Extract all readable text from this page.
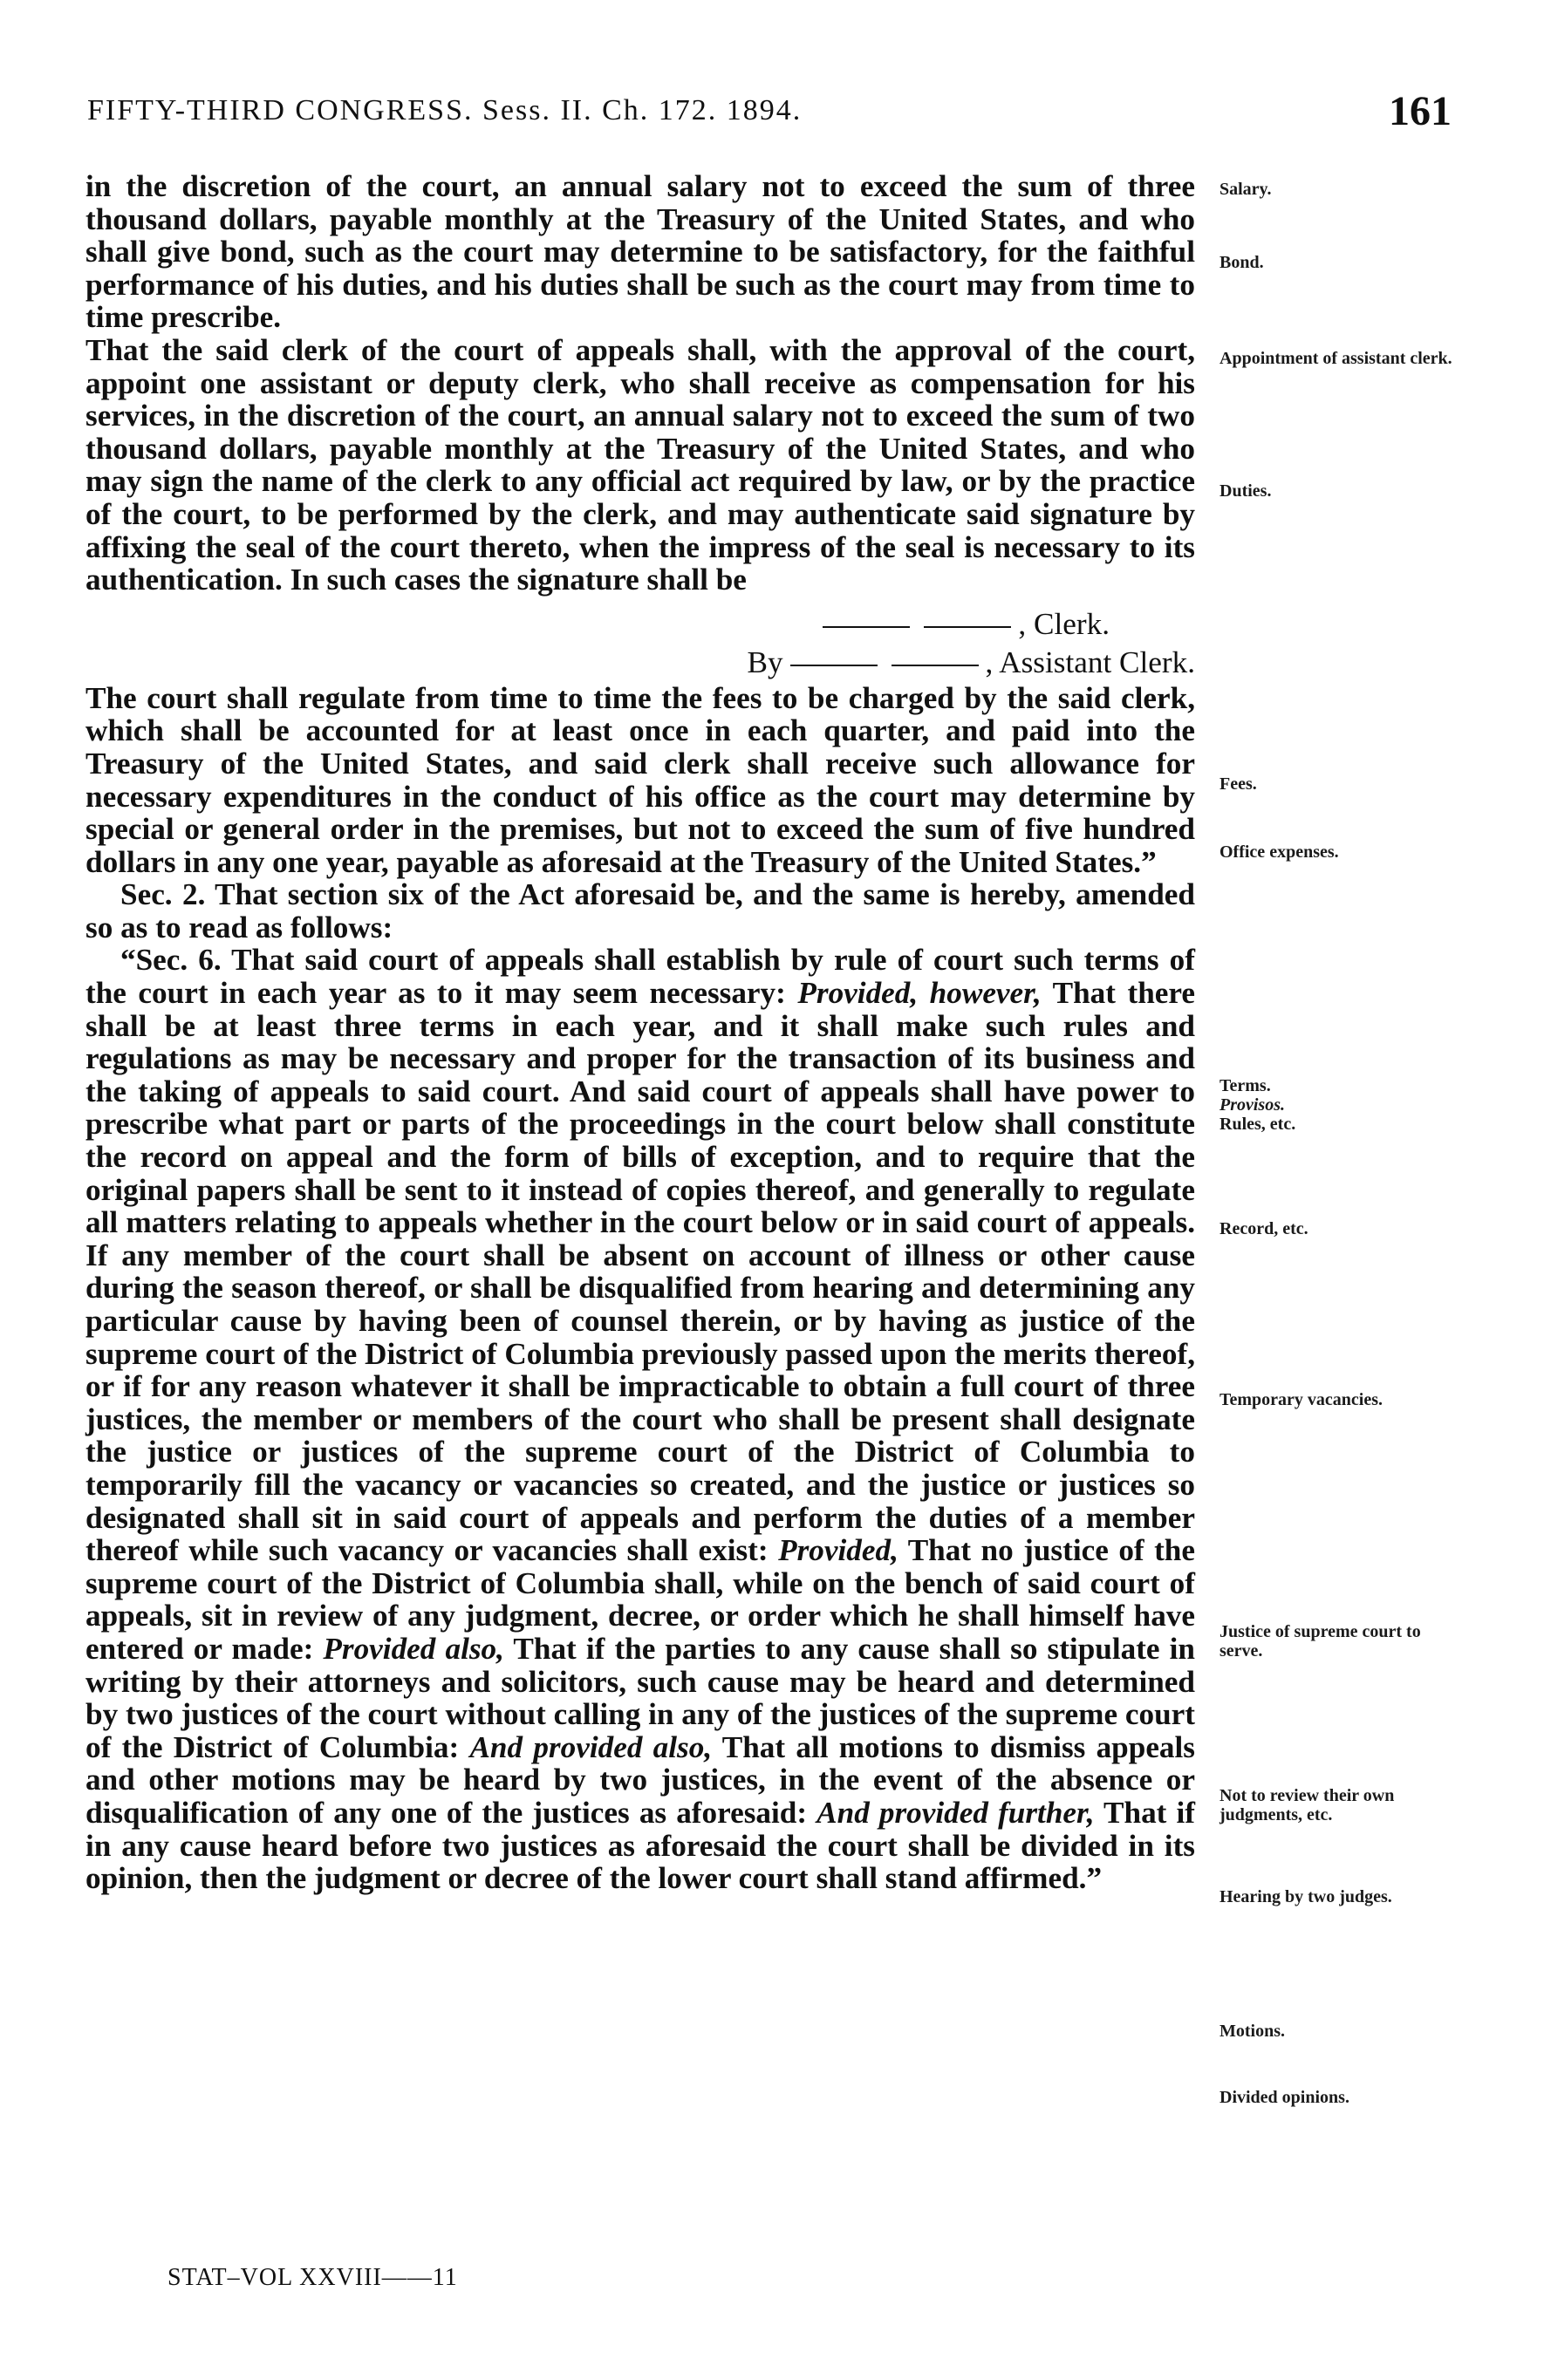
FIFTY-THIRD CONGRESS. Sess. II. Ch. 172. 1894.	161

in the discretion of the court, an annual salary not to exceed the sum of three thousand dollars, payable monthly at the Treasury of the United States, and who shall give bond, such as the court may determine to be satisfactory, for the faithful performance of his duties, and his duties shall be such as the court may from time to time prescribe.

That the said clerk of the court of appeals shall, with the approval of the court, appoint one assistant or deputy clerk, who shall receive as compensation for his services, in the discretion of the court, an annual salary not to exceed the sum of two thousand dollars, payable monthly at the Treasury of the United States, and who may sign the name of the clerk to any official act required by law, or by the practice of the court, to be performed by the clerk, and may authenticate said signature by affixing the seal of the court thereto, when the impress of the seal is necessary to its authentication. In such cases the signature shall be

, Clerk.

By	, Assistant Clerk.

The court shall regulate from time to time the fees to be charged by the said clerk, which shall be accounted for at least once in each quarter, and paid into the Treasury of the United States, and said clerk shall receive such allowance for necessary expenditures in the conduct of his office as the court may determine by special or general order in the premises, but not to exceed the sum of five hundred dollars in any one year, payable as aforesaid at the Treasury of the United States.”

Sec. 2. That section six of the Act aforesaid be, and the same is hereby, amended so as to read as follows:

“Sec. 6. That said court of appeals shall establish by rule of court such terms of the court in each year as to it may seem necessary: Provided, however, That there shall be at least three terms in each year, and it shall make such rules and regulations as may be necessary and proper for the transaction of its business and the taking of appeals to said court. And said court of appeals shall have power to prescribe what part or parts of the proceedings in the court below shall constitute the record on appeal and the form of bills of exception, and to require that the original papers shall be sent to it instead of copies thereof, and generally to regulate all matters relating to appeals whether in the court below or in said court of appeals. If any member of the court shall be absent on account of illness or other cause during the season thereof, or shall be disqualified from hearing and determining any particular cause by having been of counsel therein, or by having as justice of the supreme court of the District of Columbia previously passed upon the merits thereof, or if for any reason whatever it shall be impracticable to obtain a full court of three justices, the member or members of the court who shall be present shall designate the justice or justices of the supreme court of the District of Columbia to temporarily fill the vacancy or vacancies so created, and the justice or justices so designated shall sit in said court of appeals and perform the duties of a member thereof while such vacancy or vacancies shall exist: Provided, That no justice of the supreme court of the District of Columbia shall, while on the bench of said court of appeals, sit in review of any judgment, decree, or order which he shall himself have entered or made: Provided also, That if the parties to any cause shall so stipulate in writing by their attorneys and solicitors, such cause may be heard and determined by two justices of the court without calling in any of the justices of the supreme court of the District of Columbia: And provided also, That all motions to dismiss appeals and other motions may be heard by two justices, in the event of the absence or disqualification of any one of the justices as aforesaid: And provided further, That if in any cause heard before two justices as aforesaid the court shall be divided in its opinion, then the judgment or decree of the lower court shall stand affirmed.”

Salary.
Bond.
Appointment of assistant clerk.
Duties.
Fees.
Office expenses.
Terms.
Provisos.
Rules, etc.
Record, etc.
Temporary vacancies.
Justice of supreme court to serve.
Not to review their own judgments, etc.
Hearing by two judges.
Motions.
Divided opinions.
STAT–VOL XXVIII——11
